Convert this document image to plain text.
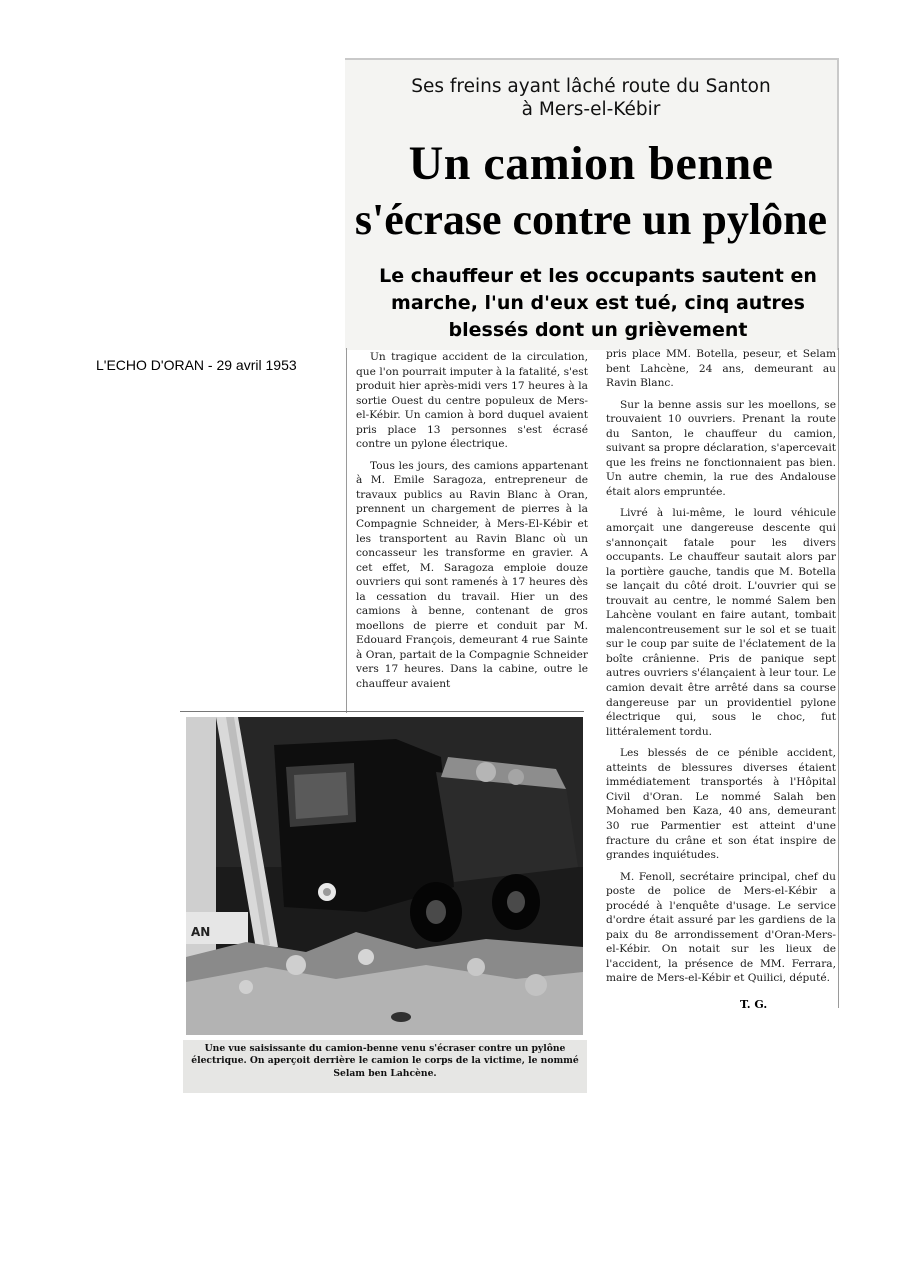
L'ECHO D'ORAN - 29 avril 1953
Ses freins ayant lâché route du Santon
à Mers-el-Kébir
Un camion benne
s'écrase contre un pylône
Le chauffeur et les occupants sautent en marche, l'un d'eux est tué, cinq autres blessés dont un grièvement

Un tragique accident de la circulation, que l'on pourrait imputer à la fatalité, s'est produit hier après-midi vers 17 heures à la sortie Ouest du centre populeux de Mers-el-Kébir. Un camion à bord duquel avaient pris place 13 personnes s'est écrasé contre un pylone électrique.

Tous les jours, des camions appartenant à M. Emile Saragoza, entrepreneur de travaux publics au Ravin Blanc à Oran, prennent un chargement de pierres à la Compagnie Schneider, à Mers-El-Kébir et les transportent au Ravin Blanc où un concasseur les transforme en gravier. A cet effet, M. Saragoza emploie douze ouvriers qui sont ramenés à 17 heures dès la cessation du travail. Hier un des camions à benne, contenant de gros moellons de pierre et conduit par M. Edouard François, demeurant 4 rue Sainte à Oran, partait de la Compagnie Schneider vers 17 heures. Dans la cabine, outre le chauffeur avaient

pris place MM. Botella, peseur, et Selam bent Lahcène, 24 ans, demeurant au Ravin Blanc.

Sur la benne assis sur les moellons, se trouvaient 10 ouvriers. Prenant la route du Santon, le chauffeur du camion, suivant sa propre déclaration, s'apercevait que les freins ne fonctionnaient pas bien. Un autre chemin, la rue des Andalouse était alors empruntée.

Livré à lui-même, le lourd véhicule amorçait une dangereuse descente qui s'annonçait fatale pour les divers occupants. Le chauffeur sautait alors par la portière gauche, tandis que M. Botella se lançait du côté droit. L'ouvrier qui se trouvait au centre, le nommé Salem ben Lahcène voulant en faire autant, tombait malencontreusement sur le sol et se tuait sur le coup par suite de l'éclatement de la boîte crânienne. Pris de panique sept autres ouvriers s'élançaient à leur tour. Le camion devait être arrêté dans sa course dangereuse par un providentiel pylone électrique qui, sous le choc, fut littéralement tordu.

Les blessés de ce pénible accident, atteints de blessures diverses étaient immédiatement transportés à l'Hôpital Civil d'Oran. Le nommé Salah ben Mohamed ben Kaza, 40 ans, demeurant 30 rue Parmentier est atteint d'une fracture du crâne et son état inspire de grandes inquiétudes.

M. Fenoll, secrétaire principal, chef du poste de police de Mers-el-Kébir a procédé à l'enquête d'usage. Le service d'ordre était assuré par les gardiens de la paix du 8e arrondissement d'Oran-Mers-el-Kébir. On notait sur les lieux de l'accident, la présence de MM. Ferrara, maire de Mers-el-Kébir et Quilici, député.

T. G.
AN
Une vue saisissante du camion-benne venu s'écraser contre un pylône électrique. On aperçoit derrière le camion le corps de la victime, le nommé Selam ben Lahcène.
